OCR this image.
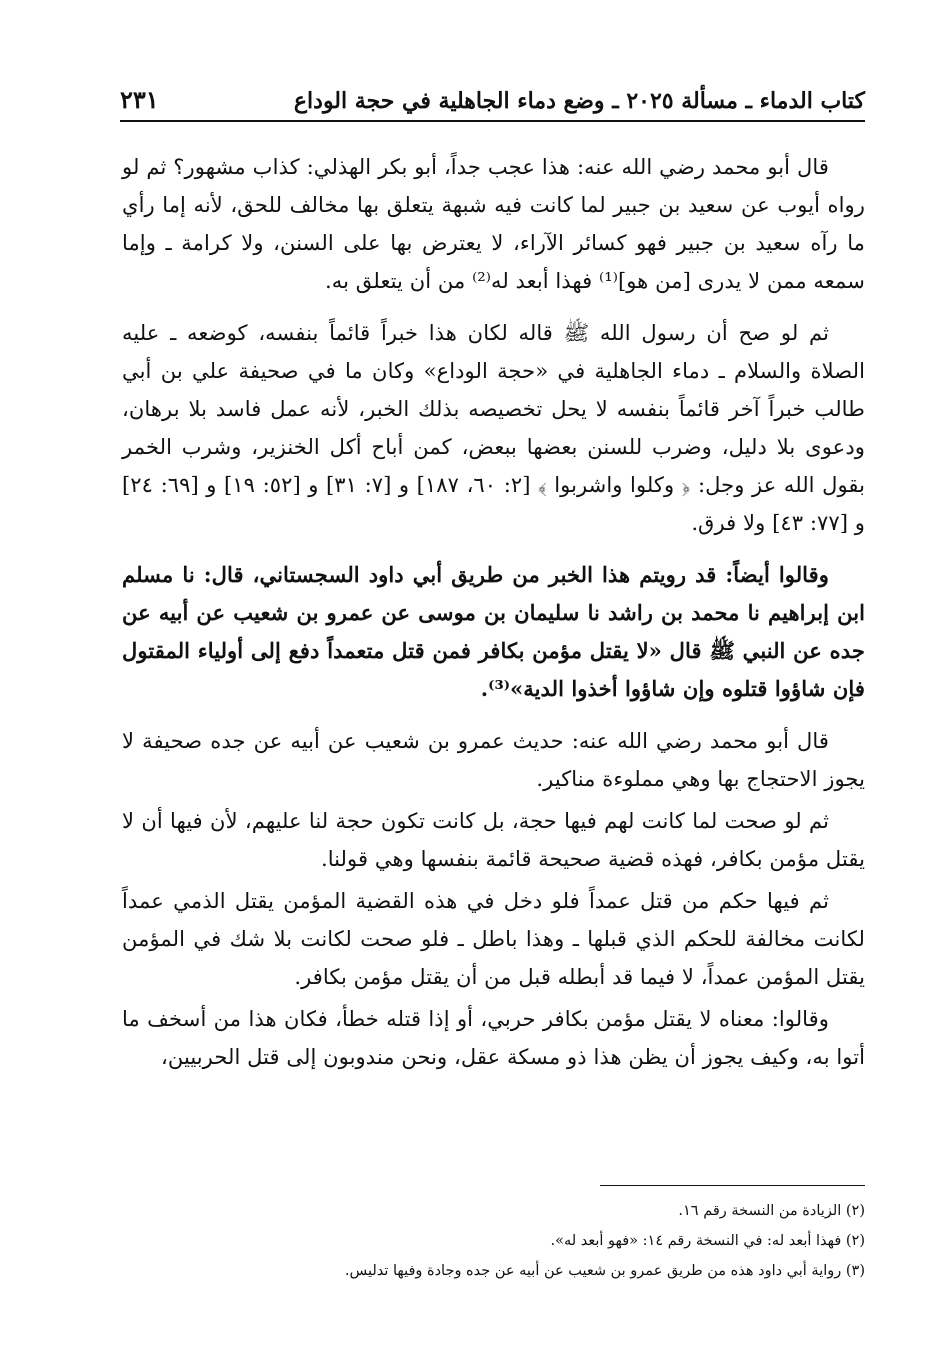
كتاب الدماء ـ مسألة ٢٠٢٥ ـ وضع دماء الجاهلية في حجة الوداع
٢٣١

قال أبو محمد رضي الله عنه: هذا عجب جداً، أبو بكر الهذلي: كذاب مشهور؟ ثم لو رواه أيوب عن سعيد بن جبير لما كانت فيه شبهة يتعلق بها مخالف للحق، لأنه إما رأي ما رآه سعيد بن جبير فهو كسائر الآراء، لا يعترض بها على السنن، ولا كرامة ـ وإما سمعه ممن لا يدرى [من هو]⁽¹⁾ فهذا أبعد له⁽²⁾ من أن يتعلق به.

ثم لو صح أن رسول الله ﷺ قاله لكان هذا خبراً قائماً بنفسه، كوضعه ـ عليه الصلاة والسلام ـ دماء الجاهلية في «حجة الوداع» وكان ما في صحيفة علي بن أبي طالب خبراً آخر قائماً بنفسه لا يحل تخصيصه بذلك الخبر، لأنه عمل فاسد بلا برهان، ودعوى بلا دليل، وضرب للسنن بعضها ببعض، كمن أباح أكل الخنزير، وشرب الخمر بقول الله عز وجل: ﴿ وكلوا واشربوا ﴾ [٢: ٦٠، ١٨٧] و [٧: ٣١] و [٥٢: ١٩] و [٦٩: ٢٤] و [٧٧: ٤٣] ولا فرق.

وقالوا أيضاً: قد رويتم هذا الخبر من طريق أبي داود السجستاني، قال: نا مسلم ابن إبراهيم نا محمد بن راشد نا سليمان بن موسى عن عمرو بن شعيب عن أبيه عن جده عن النبي ﷺ قال «لا يقتل مؤمن بكافر فمن قتل متعمداً دفع إلى أولياء المقتول فإن شاؤوا قتلوه وإن شاؤوا أخذوا الدية»⁽³⁾.

قال أبو محمد رضي الله عنه: حديث عمرو بن شعيب عن أبيه عن جده صحيفة لا يجوز الاحتجاج بها وهي مملوءة مناكير.

ثم لو صحت لما كانت لهم فيها حجة، بل كانت تكون حجة لنا عليهم، لأن فيها أن لا يقتل مؤمن بكافر، فهذه قضية صحيحة قائمة بنفسها وهي قولنا.

ثم فيها حكم من قتل عمداً فلو دخل في هذه القضية المؤمن يقتل الذمي عمداً لكانت مخالفة للحكم الذي قبلها ـ وهذا باطل ـ فلو صحت لكانت بلا شك في المؤمن يقتل المؤمن عمداً، لا فيما قد أبطله قبل من أن يقتل مؤمن بكافر.

وقالوا: معناه لا يقتل مؤمن بكافر حربي، أو إذا قتله خطأ، فكان هذا من أسخف ما أتوا به، وكيف يجوز أن يظن هذا ذو مسكة عقل، ونحن مندوبون إلى قتل الحربيين،

(٢) الزيادة من النسخة رقم ١٦.
(٢) فهذا أبعد له: في النسخة رقم ١٤: «فهو أبعد له».
(٣) رواية أبي داود هذه من طريق عمرو بن شعيب عن أبيه عن جده وجادة وفيها تدليس.
